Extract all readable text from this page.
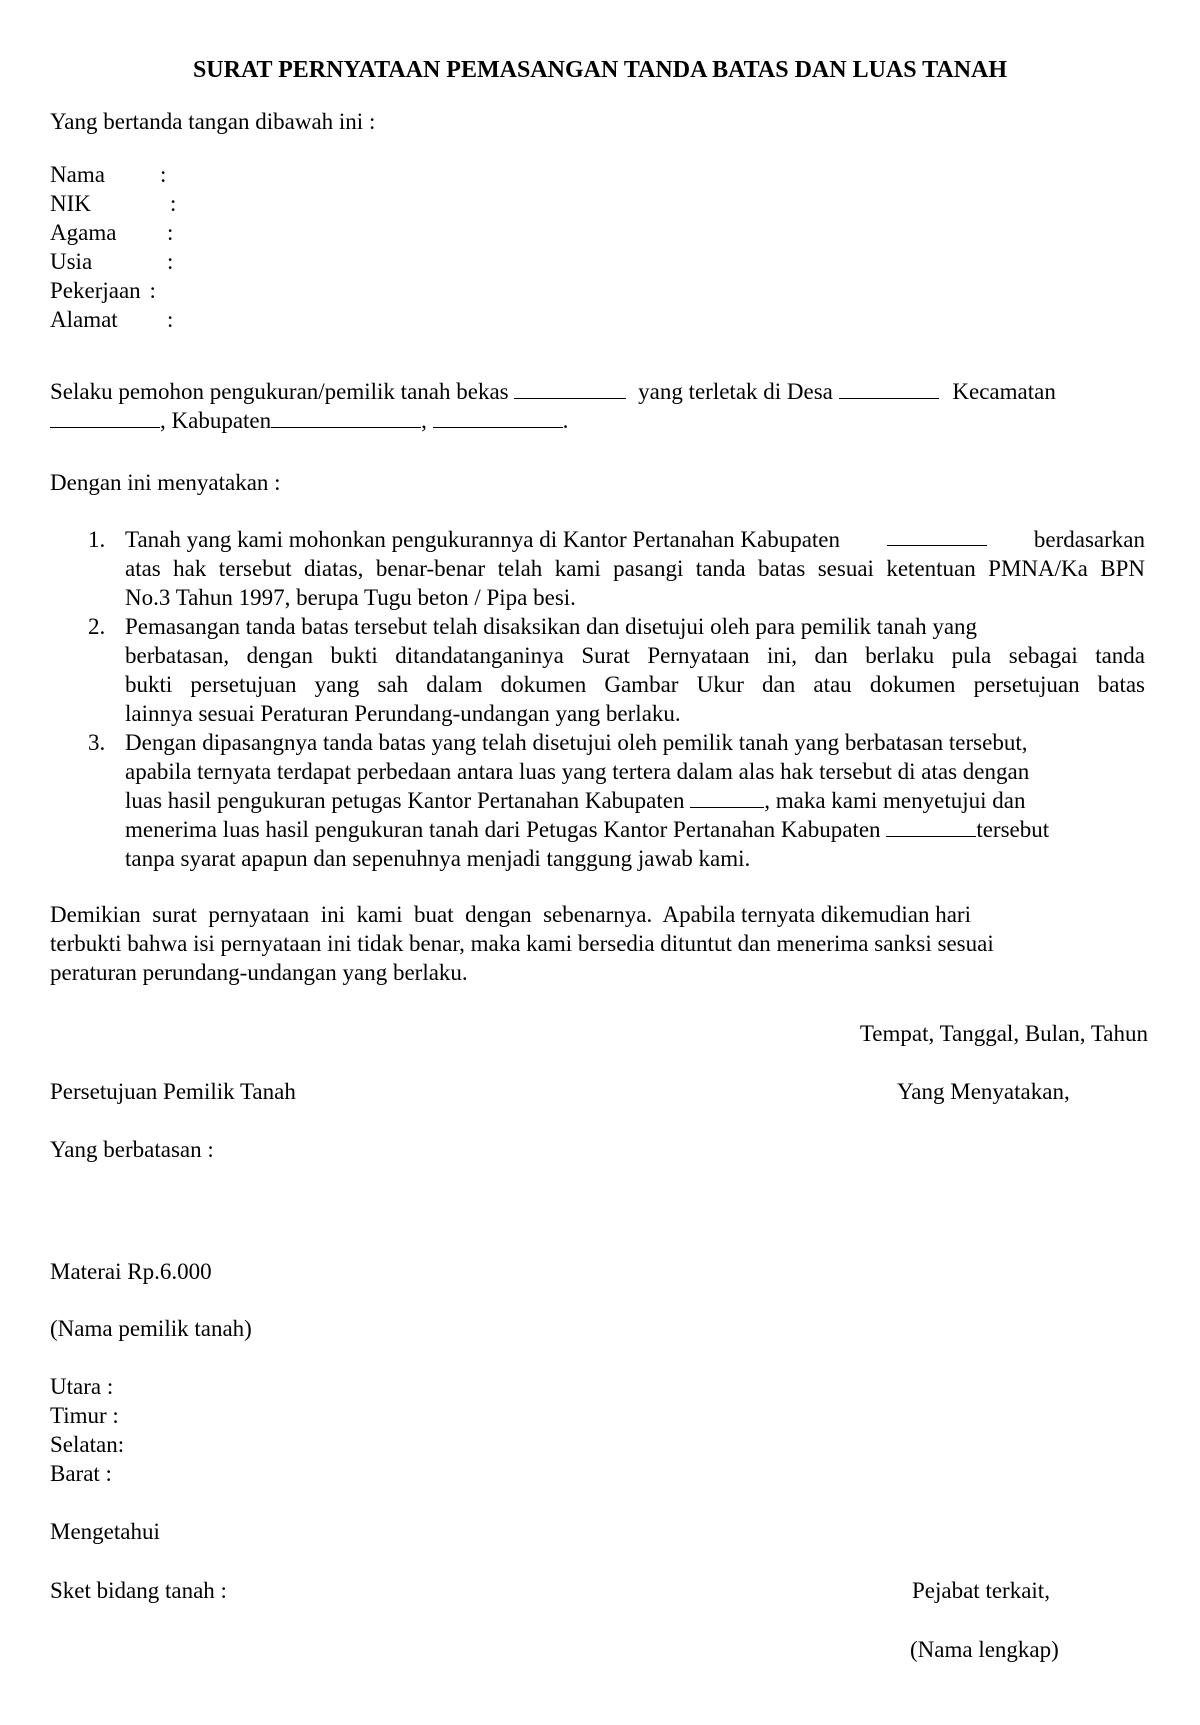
SURAT PERNYATAAN PEMASANGAN TANDA BATAS DAN LUAS TANAH
Yang bertanda tangan dibawah ini :
Nama :
NIK	:
Agama :
Usia	:
Pekerjaan :
Alamat :
Selaku pemohon pengukuran/pemilik tanah bekas	yang terletak di Desa	Kecamatan
, Kabupaten	,	.
Dengan ini menyatakan :
1. Tanah yang kami mohonkan pengukurannya di Kantor Pertanahan Kabupaten	berdasarkan
atas hak tersebut diatas, benar-benar telah kami pasangi tanda batas sesuai ketentuan PMNA/Ka BPN
No.3 Tahun 1997, berupa Tugu beton / Pipa besi.
2. Pemasangan tanda batas tersebut telah disaksikan dan disetujui oleh para pemilik tanah yang
berbatasan, dengan bukti ditandatanganinya Surat Pernyataan ini, dan berlaku pula sebagai tanda
bukti persetujuan yang sah dalam dokumen Gambar Ukur dan atau dokumen persetujuan batas
lainnya sesuai Peraturan Perundang-undangan yang berlaku.
3. Dengan dipasangnya tanda batas yang telah disetujui oleh pemilik tanah yang berbatasan tersebut,
apabila ternyata terdapat perbedaan antara luas yang tertera dalam alas hak tersebut di atas dengan
luas hasil pengukuran petugas Kantor Pertanahan Kabupaten	, maka kami menyetujui dan
menerima luas hasil pengukuran tanah dari Petugas Kantor Pertanahan Kabupaten	tersebut
tanpa syarat apapun dan sepenuhnya menjadi tanggung jawab kami.
Demikian  surat  pernyataan  ini  kami  buat  dengan  sebenarnya.  Apabila ternyata dikemudian hari
terbukti bahwa isi pernyataan ini tidak benar, maka kami bersedia dituntut dan menerima sanksi sesuai
peraturan perundang-undangan yang berlaku.
Tempat, Tanggal, Bulan, Tahun
Persetujuan Pemilik Tanah	Yang Menyatakan,
Yang berbatasan :
Materai Rp.6.000
(Nama pemilik tanah)
Utara :
Timur :
Selatan:
Barat :
Mengetahui
Sket bidang tanah :	Pejabat terkait,
(Nama lengkap)
